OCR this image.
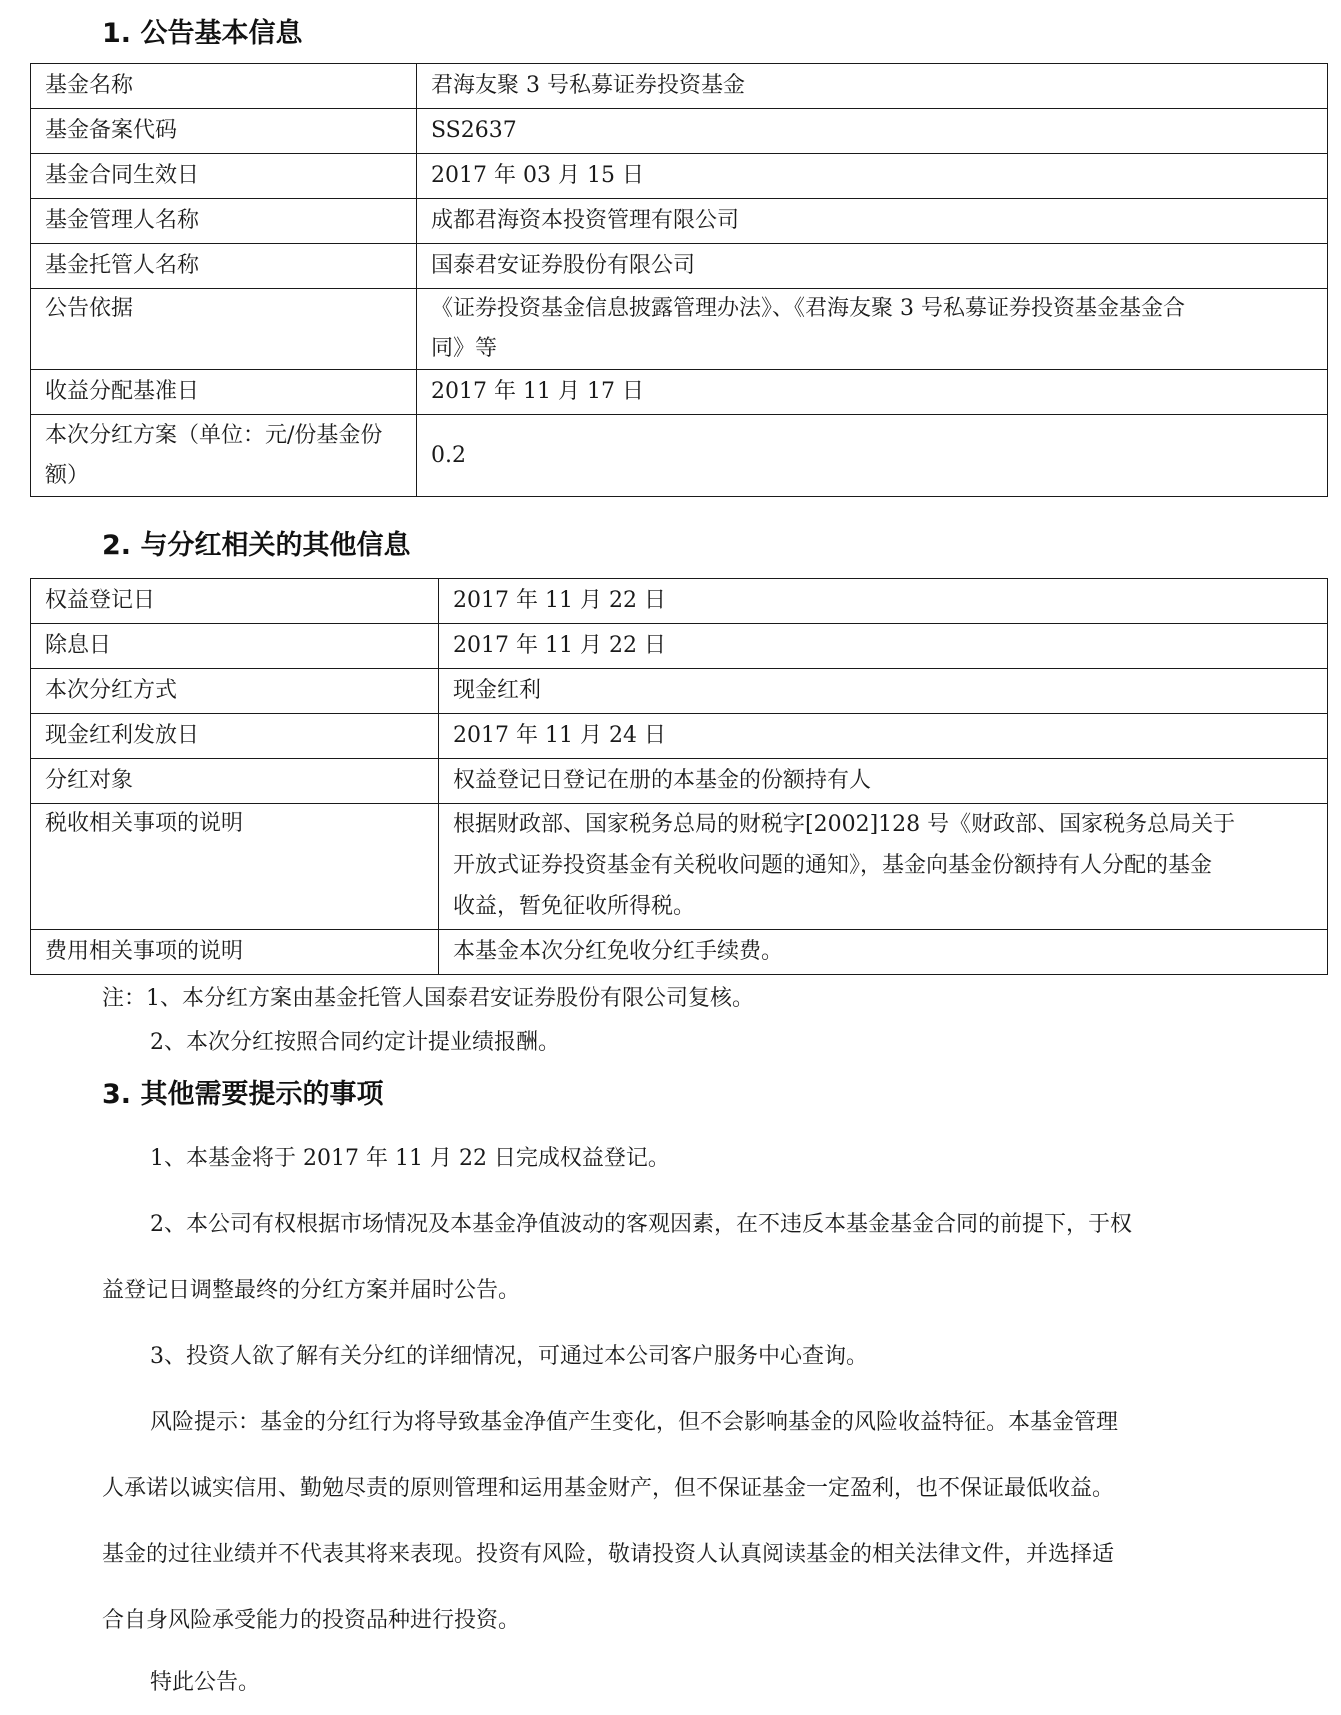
1. 公告基本信息
基金名称	君海友聚 3 号私募证券投资基金
基金备案代码	SS2637
基金合同生效日	2017 年 03 月 15 日
基金管理人名称	成都君海资本投资管理有限公司
基金托管人名称	国泰君安证券股份有限公司

公告依据	《证券投资基金信息披露管理办法》、《君海友聚 3 号私募证券投资基金基金合
同》等

收益分配基准日	2017 年 11 月 17 日

本次分红方案（单位：元/份基金份
额）	0.2
2. 与分红相关的其他信息
权益登记日	2017 年 11 月 22 日
除息日	2017 年 11 月 22 日
本次分红方式	现金红利
现金红利发放日	2017 年 11 月 24 日
分红对象	权益登记日登记在册的本基金的份额持有人

税收相关事项的说明	根据财政部、国家税务总局的财税字[2002]128 号《财政部、国家税务总局关于
开放式证券投资基金有关税收问题的通知》，基金向基金份额持有人分配的基金
收益，暂免征收所得税。

费用相关事项的说明	本基金本次分红免收分红手续费。

注：1、本分红方案由基金托管人国泰君安证券股份有限公司复核。

2、本次分红按照合同约定计提业绩报酬。

3. 其他需要提示的事项

1、本基金将于 2017 年 11 月 22 日完成权益登记。

2、本公司有权根据市场情况及本基金净值波动的客观因素，在不违反本基金基金合同的前提下，于权

益登记日调整最终的分红方案并届时公告。

3、投资人欲了解有关分红的详细情况，可通过本公司客户服务中心查询。

风险提示：基金的分红行为将导致基金净值产生变化，但不会影响基金的风险收益特征。本基金管理

人承诺以诚实信用、勤勉尽责的原则管理和运用基金财产，但不保证基金一定盈利，也不保证最低收益。

基金的过往业绩并不代表其将来表现。投资有风险，敬请投资人认真阅读基金的相关法律文件，并选择适

合自身风险承受能力的投资品种进行投资。

特此公告。
